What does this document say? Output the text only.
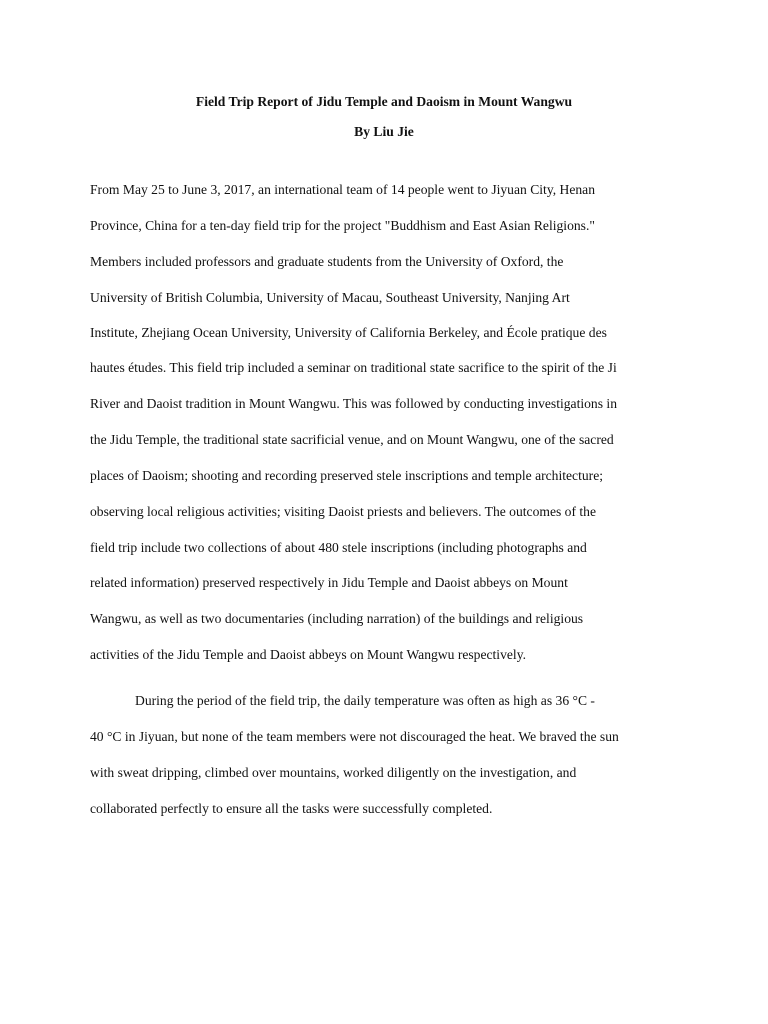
Field Trip Report of Jidu Temple and Daoism in Mount Wangwu
By Liu Jie

From May 25 to June 3, 2017, an international team of 14 people went to Jiyuan City, Henan

Province, China for a ten-day field trip for the project "Buddhism and East Asian Religions."

Members included professors and graduate students from the University of Oxford, the

University of British Columbia, University of Macau, Southeast University, Nanjing Art

Institute, Zhejiang Ocean University, University of California Berkeley, and École pratique des

hautes études. This field trip included a seminar on traditional state sacrifice to the spirit of the Ji

River and Daoist tradition in Mount Wangwu. This was followed by conducting investigations in

the Jidu Temple, the traditional state sacrificial venue, and on Mount Wangwu, one of the sacred

places of Daoism; shooting and recording preserved stele inscriptions and temple architecture;

observing local religious activities; visiting Daoist priests and believers. The outcomes of the

field trip include two collections of about 480 stele inscriptions (including photographs and

related information) preserved respectively in Jidu Temple and Daoist abbeys on Mount

Wangwu, as well as two documentaries (including narration) of the buildings and religious

activities of the Jidu Temple and Daoist abbeys on Mount Wangwu respectively.

During the period of the field trip, the daily temperature was often as high as 36 °C -

40 °C in Jiyuan, but none of the team members were not discouraged the heat. We braved the sun

with sweat dripping, climbed over mountains, worked diligently on the investigation, and

collaborated perfectly to ensure all the tasks were successfully completed.
